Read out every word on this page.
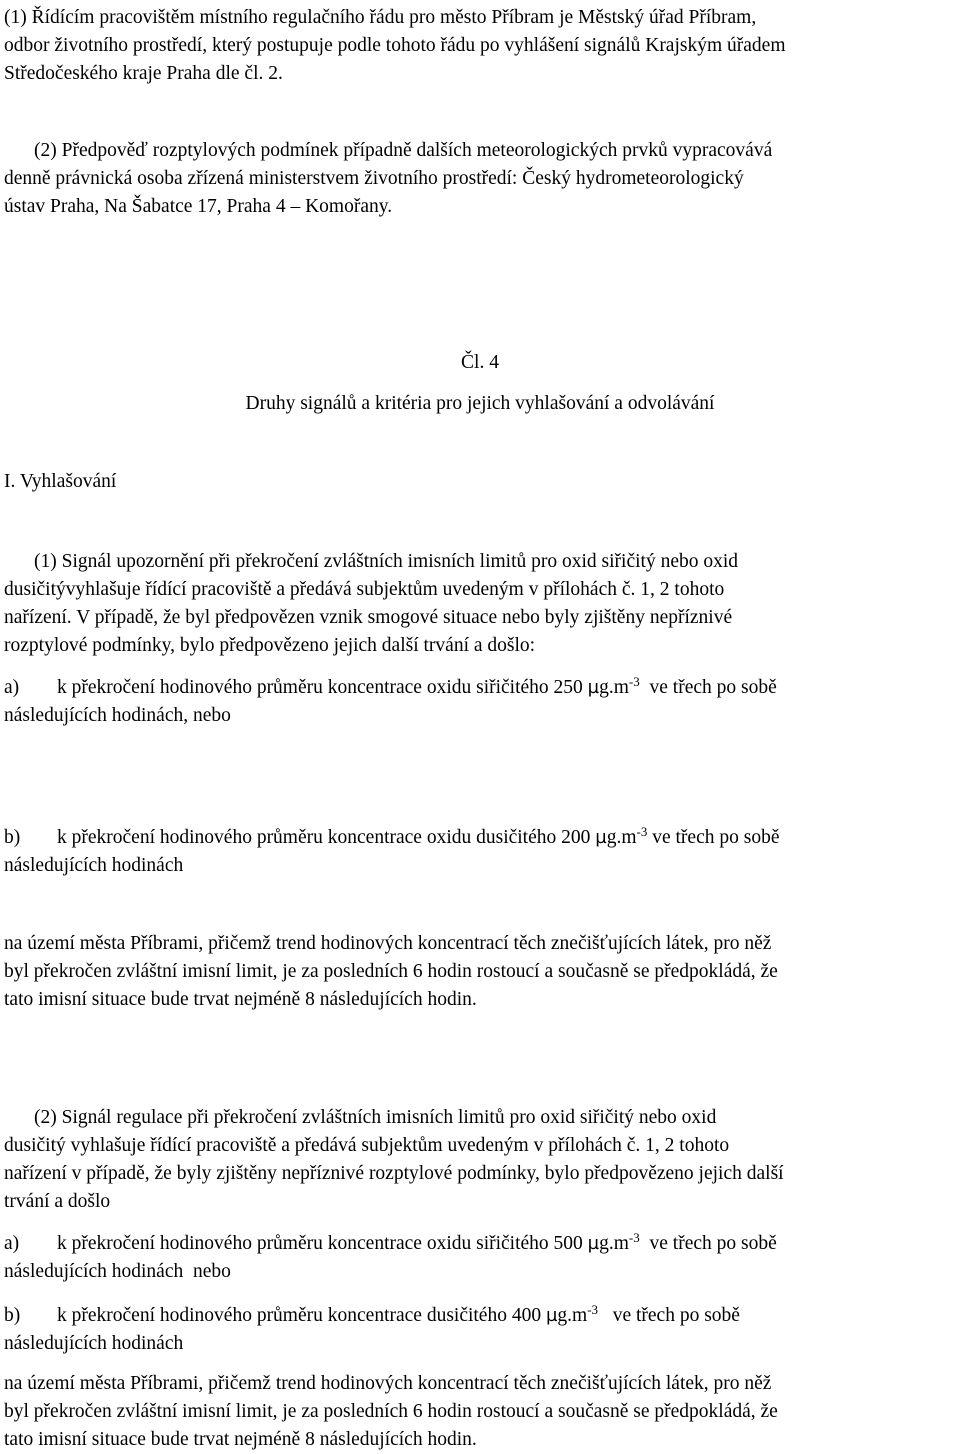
(1) Řídícím pracovištěm místního regulačního řádu pro město Příbram je Městský úřad Příbram,
odbor životního prostředí, který postupuje podle tohoto řádu po vyhlášení signálů Krajským úřadem
Středočeského kraje Praha dle čl. 2.
(2) Předpověď rozptylových podmínek případně dalších meteorologických prvků vypracovává
denně právnická osoba zřízená ministerstvem životního prostředí: Český hydrometeorologický
ústav Praha, Na Šabatce 17, Praha 4 – Komořany.
Čl. 4
Druhy signálů a kritéria pro jejich vyhlašování a odvolávání
I. Vyhlašování
(1) Signál upozornění při překročení zvláštních imisních limitů pro oxid siřičitý nebo oxid
dusičitývyhlašuje řídící pracoviště a předává subjektům uvedeným v přílohách č. 1, 2 tohoto
nařízení. V případě, že byl předpovězen vznik smogové situace nebo byly zjištěny nepříznivé
rozptylové podmínky, bylo předpovězeno jejich další trvání a došlo:
a) k překročení hodinového průměru koncentrace oxidu siřičitého 250 $\mu g.m^{-3}$  ve třech po sobě
následujících hodinách, nebo
b) k překročení hodinového průměru koncentrace oxidu dusičitého 200 $\mu g.m^{-3}$ ve třech po sobě
následujících hodinách
na území města Příbrami, přičemž trend hodinových koncentrací těch znečišťujících látek, pro něž
byl překročen zvláštní imisní limit, je za posledních 6 hodin rostoucí a současně se předpokládá, že
tato imisní situace bude trvat nejméně 8 následujících hodin.
(2) Signál regulace při překročení zvláštních imisních limitů pro oxid siřičitý nebo oxid
dusičitý vyhlašuje řídící pracoviště a předává subjektům uvedeným v přílohách č. 1, 2 tohoto
nařízení v případě, že byly zjištěny nepříznivé rozptylové podmínky, bylo předpovězeno jejich další
trvání a došlo
a) k překročení hodinového průměru koncentrace oxidu siřičitého 500 $\mu g.m^{-3}$  ve třech po sobě
následujících hodinách  nebo
b) k překročení hodinového průměru koncentrace dusičitého 400 $\mu g.m^{-3}$   ve třech po sobě
následujících hodinách
na území města Příbrami, přičemž trend hodinových koncentrací těch znečišťujících látek, pro něž
byl překročen zvláštní imisní limit, je za posledních 6 hodin rostoucí a současně se předpokládá, že
tato imisní situace bude trvat nejméně 8 následujících hodin.
